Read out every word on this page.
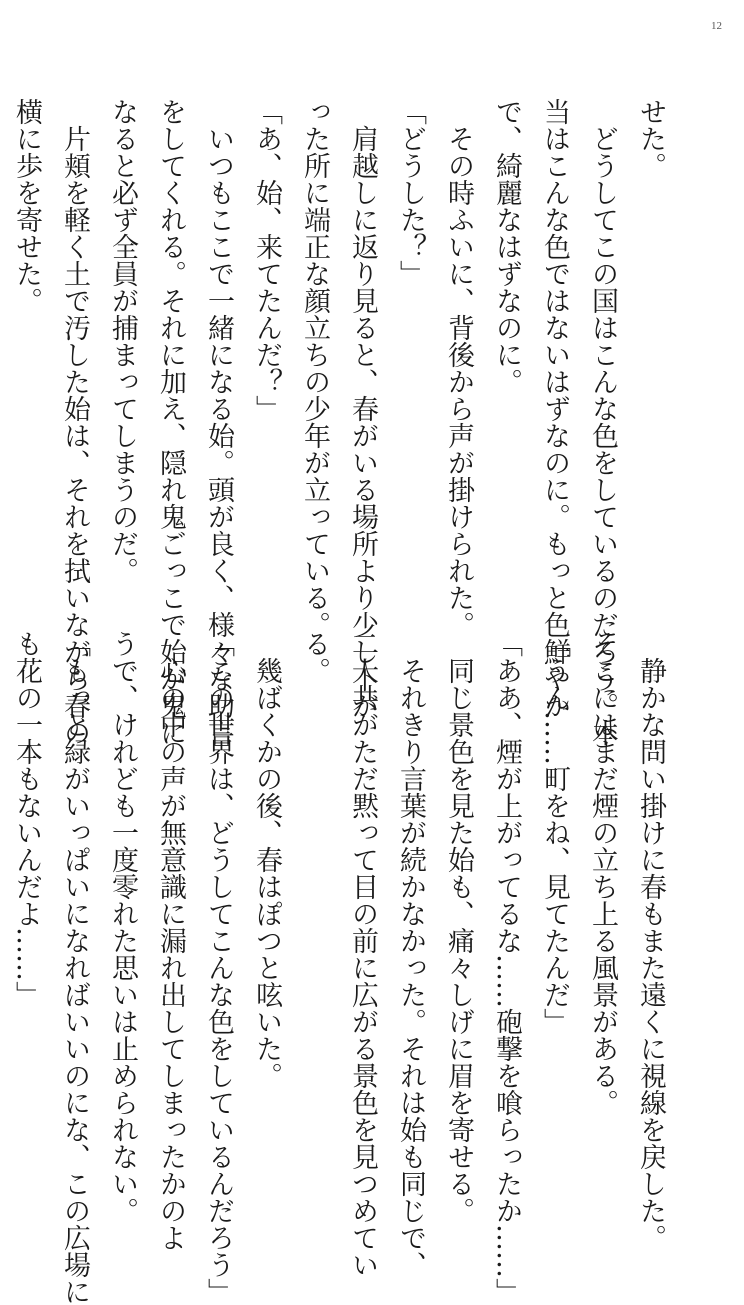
12
せた。
　どうしてこの国はこんな色をしているのだろう。本
当はこんな色ではないはずなのに。もっと色鮮やか
で、綺麗なはずなのに。
　その時ふいに、背後から声が掛けられた。
「どうした？」
　肩越しに返り見ると、春がいる場所より少し下が
った所に端正な顔立ちの少年が立っている。
「あ、始、来てたんだ？」
　いつもここで一緒になる始。頭が良く、様々な助言
をしてくれる。それに加え、隠れ鬼ごっこで始が鬼に
なると必ず全員が捕まってしまうのだ。
　片頬を軽く土で汚した始は、それを拭いながら春の
横に歩を寄せた。
　静かな問い掛けに春もまた遠くに視線を戻した。
そこにはまだ煙の立ち上る風景がある。
「うん……町をね、見てたんだ」
「ああ、煙が上がってるな……砲撃を喰らったか……」
　同じ景色を見た始も、痛々しげに眉を寄せる。
　それきり言葉が続かなかった。それは始も同じで、
二人共がただ黙って目の前に広がる景色を見つめてい
る。
　幾ばくかの後、春はぽつと呟いた。
「この世界は、どうしてこんな色をしているんだろう」
　心の中の声が無意識に漏れ出してしまったかのよ
うで、けれども一度零れた思いは止められない。
「もっと緑がいっぱいになればいいのにな、この広場に
も花の一本もないんだよ……」
